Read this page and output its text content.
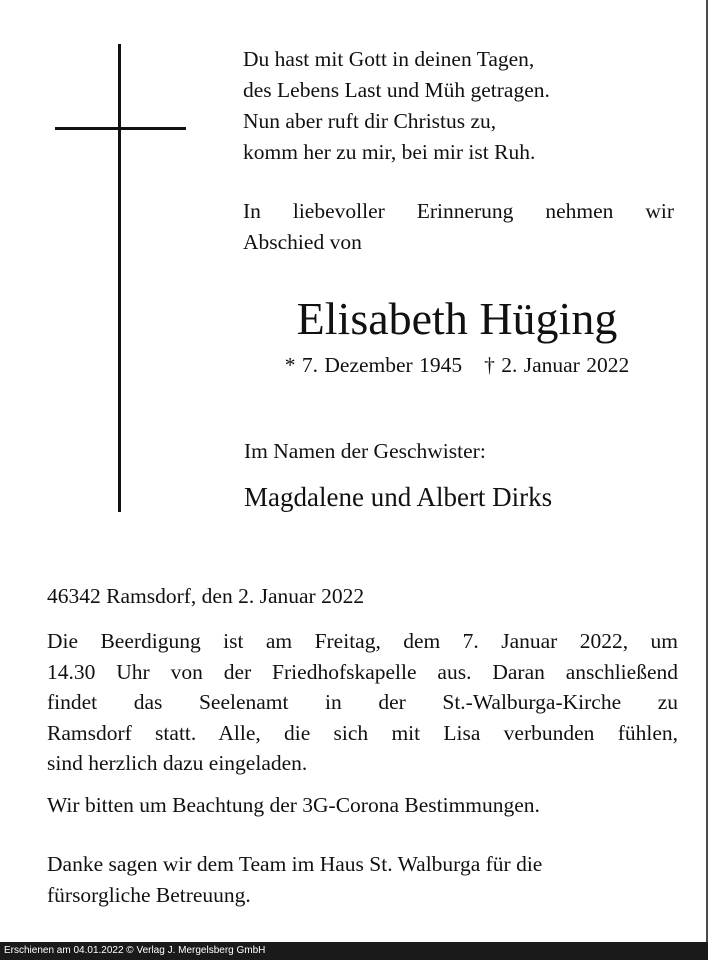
Du hast mit Gott in deinen Tagen,
des Lebens Last und Müh getragen.
Nun aber ruft dir Christus zu,
komm her zu mir, bei mir ist Ruh.
In liebevoller Erinnerung nehmen wir
Abschied von
Elisabeth Hüging
* 7. Dezember 1945 † 2. Januar 2022
Im Namen der Geschwister:
Magdalene und Albert Dirks
46342 Ramsdorf, den 2. Januar 2022
Die Beerdigung ist am Freitag, dem 7. Januar 2022, um
14.30 Uhr von der Friedhofskapelle aus. Daran anschließend
findet das Seelenamt in der St.-Walburga-Kirche zu
Ramsdorf statt. Alle, die sich mit Lisa verbunden fühlen,
sind herzlich dazu eingeladen.
Wir bitten um Beachtung der 3G-Corona Bestimmungen.
Danke sagen wir dem Team im Haus St. Walburga für die
fürsorgliche Betreuung.
Erschienen am 04.01.2022 © Verlag J. Mergelsberg GmbH
